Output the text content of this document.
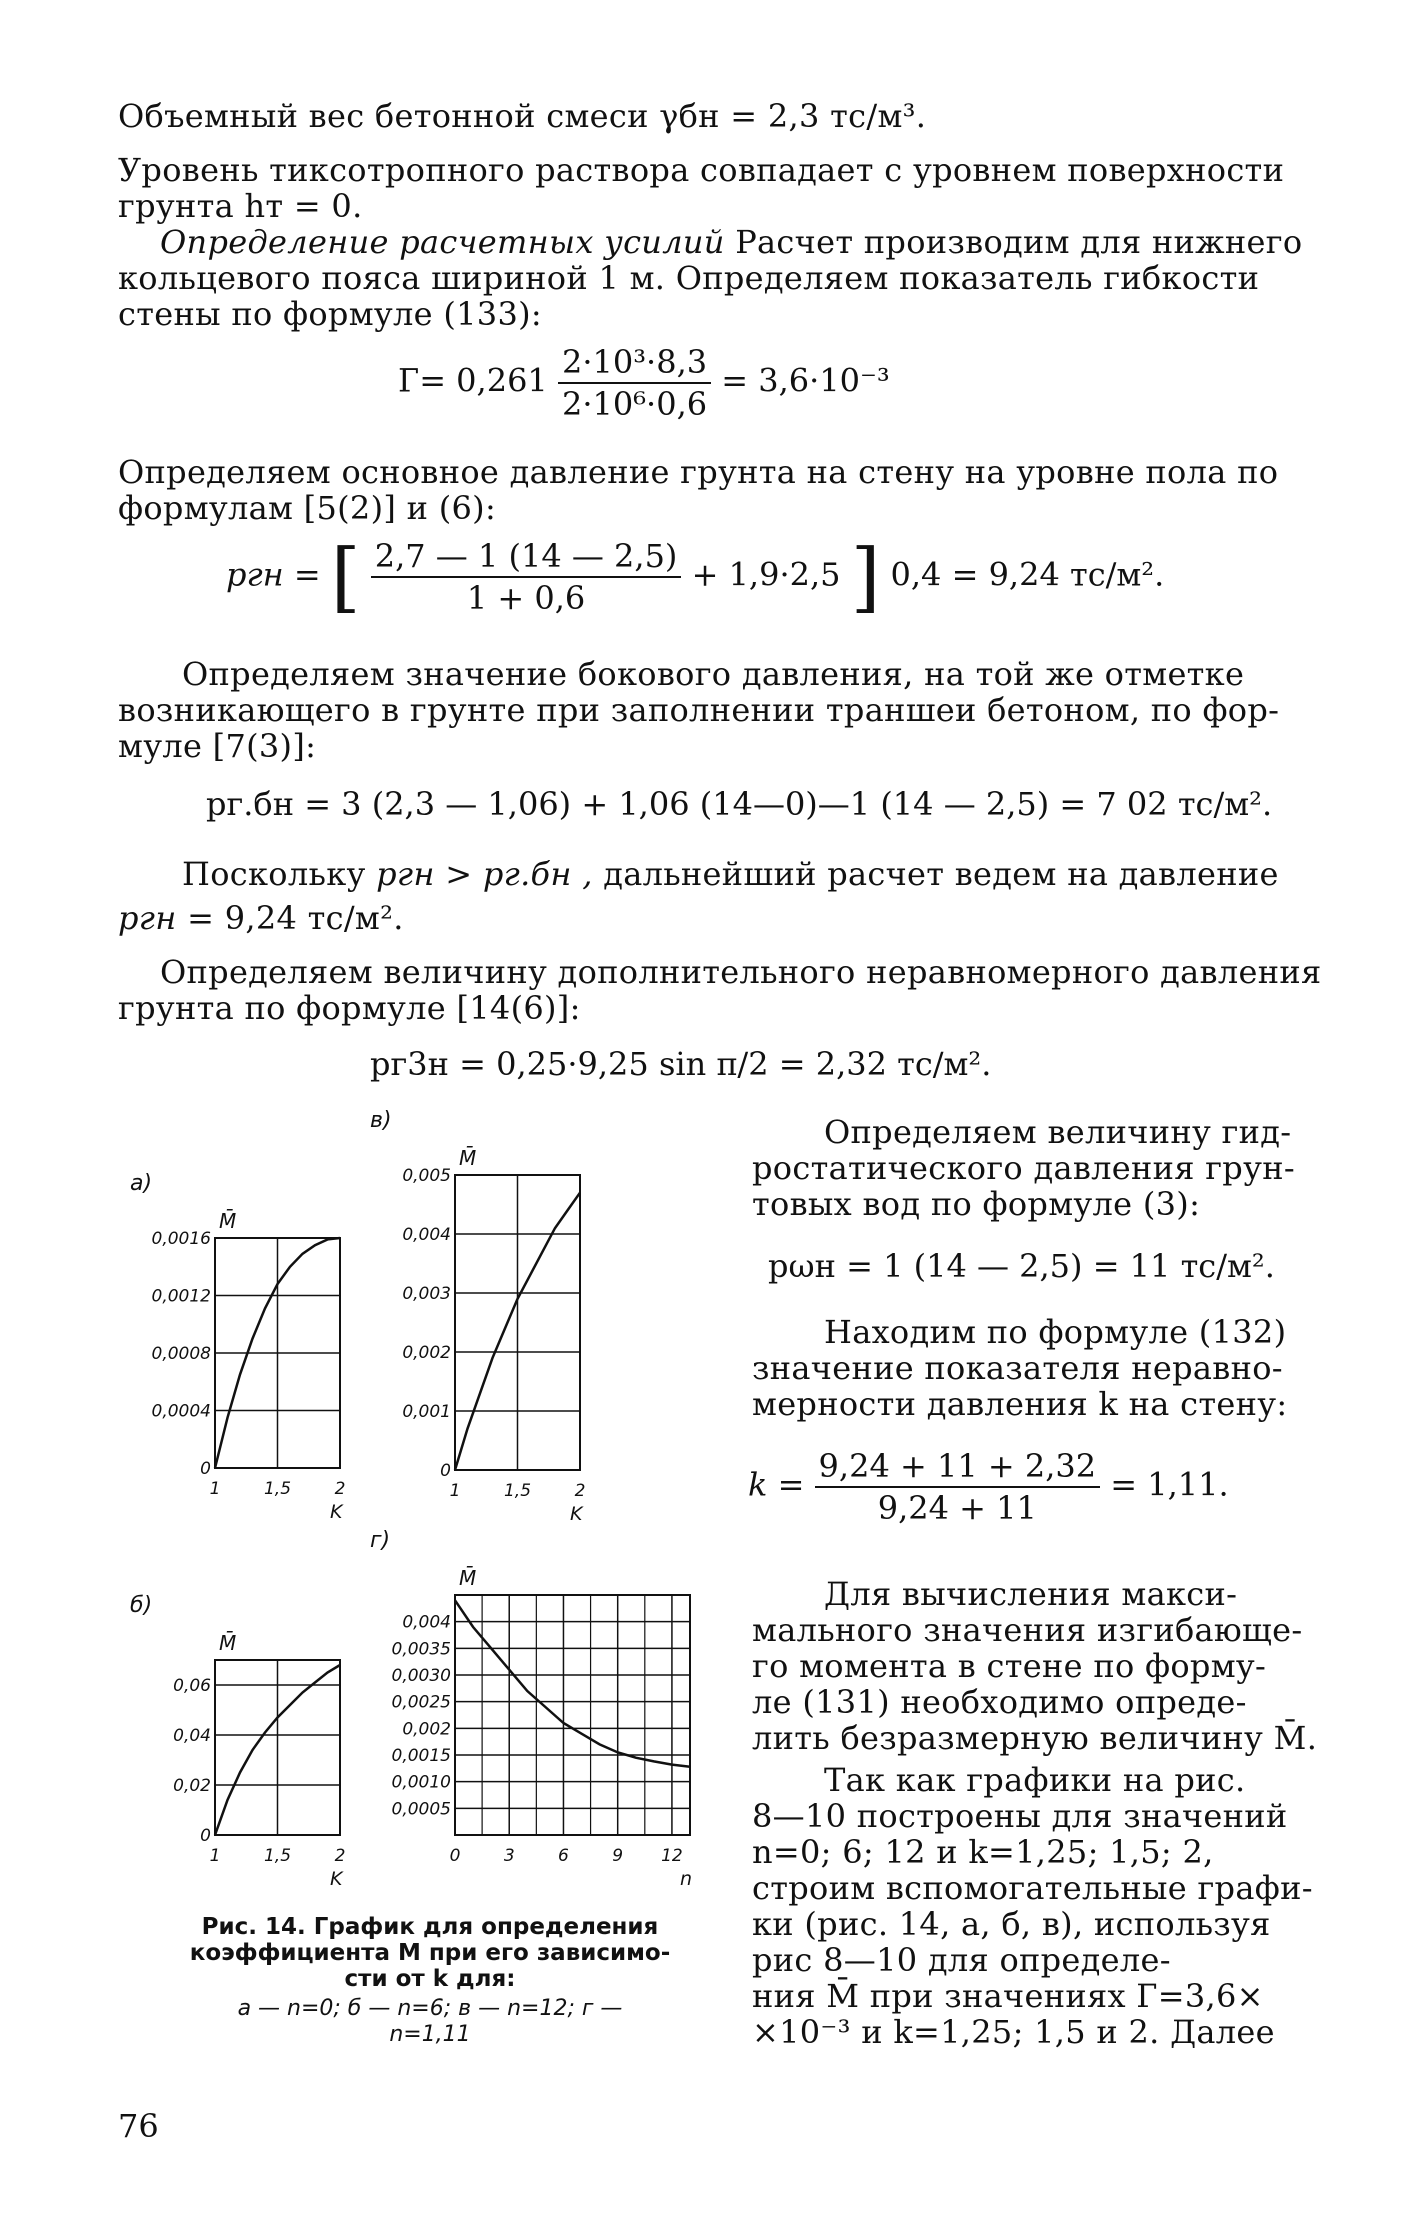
Объемный вес бетонной смеси γбн = 2,3 тс/м³.
Уровень тиксотропного раствора совпадает с уровнем поверхности
грунта hт = 0.
Определение расчетных усилий Расчет производим для нижнего
кольцевого пояса шириной 1 м. Определяем показатель гибкости
стены по формуле (133):
$Г= 0,261 \frac{\text{2·10³·8,3}}{\text{2·10⁶·0,6}} = 3,6\cdot 10^{-3}$
Определяем основное давление грунта на стену на уровне пола по
формулам [5(2)] и (6):
pгн = [ $\frac{2,7 — 1 (14 — 2,5)}{1 + 0,6} + 1,9\cdot 2,5$ ] 0,4 = 9,24 тс/м².
Определяем значение бокового давления, на той же отметке
возникающего в грунте при заполнении траншеи бетоном, по фор-
муле [7(3)]:
pг.бн = 3 (2,3 — 1,06) + 1,06 (14—0)—1 (14 — 2,5) = 7 02 тс/м².
Поскольку pгн > pг.бн , дальнейший расчет ведем на давление
pгн = 9,24 тс/м².
Определяем величину дополнительного неравномерного давления
грунта по формуле [14(6)]:
pг3н = 0,25·9,25 sin π/2 = 2,32 тс/м².
Определяем величину гид-
ростатического давления грун-
товых вод по формуле (3):
pωн = 1 (14 — 2,5) = 11 тс/м².
Находим по формуле (132)
значение показателя неравно-
мерности давления k на стену:
$k = \frac{9,24 + 11 + 2,32}{9,24 + 11} = 1,11$.
Для вычисления макси-
мального значения изгибающе-
го момента в стене по форму-
ле (131) необходимо опреде-
лить безразмерную величину M̄.
Так как графики на рис.
8—10 построены для значений
n=0; 6; 12 и k=1,25; 1,5; 2,
строим вспомогательные графи-
ки (рис. 14, а, б, в), используя
рис 8—10 для определе-
ния M̄ при значениях Г=3,6×
×10⁻³ и k=1,25; 1,5 и 2. Далее
1	1,5	2
0
0,0004
0,0008
0,0012
0,0016
а)
M̄
K
1	1,5	2
0
0,02
0,04
0,06
б)
M̄
K
1	1,5	2
0
0,001
0,002
0,003
0,004
0,005
в)
M̄
K
0	3	6	9 12
0,0005
0,0010
0,0015
0,002
0,0025
0,0030
0,0035
0,004
г)
M̄
n
Рис. 14. График для определения
коэффициента M при его зависимо-
сти от k для:
а — n=0; б — n=6; в — n=12; г —
n=1,11
76
